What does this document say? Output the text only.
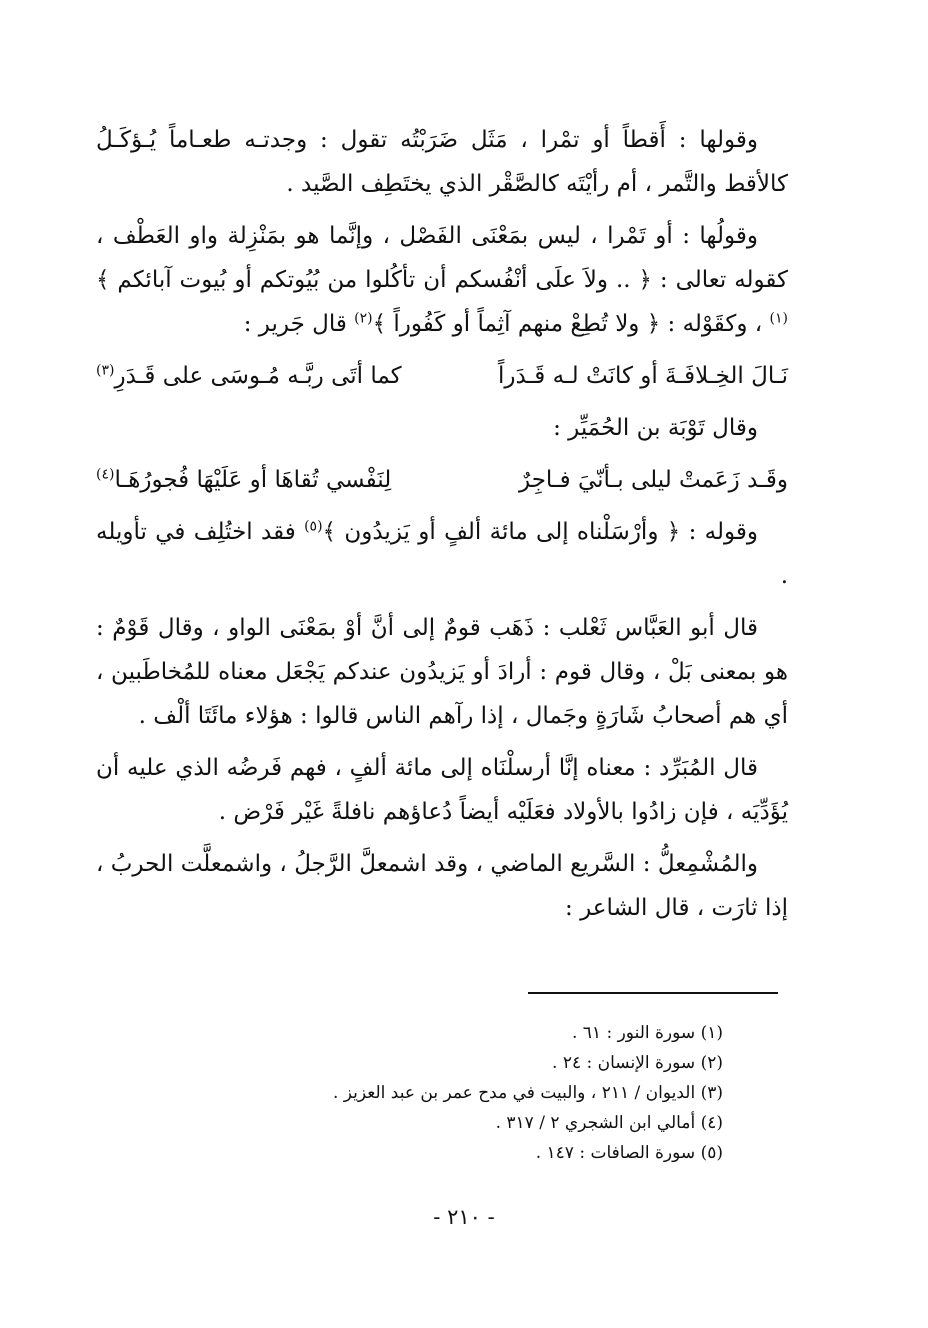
وقولها : أَقطاً أو تمْرا ، مَثَل ضَرَبْتُه تقول : وجدتـه طعـاماً يُـؤكَـلُ كالأقط والتَّمر ، أم رأيْتَه كالصَّقْر الذي يختَطِف الصَّيد .

وقولُها : أو تَمْرا ، ليس بمَعْنَى الفَصْل ، وإنَّما هو بمَنْزِلة واو العَطْف ، كقوله تعالى : ﴿ .. ولاَ علَى أنْفُسكم أن تأكُلوا من بُيُوتكم أو بُيوت آبائكم ﴾$^{(١)}$ ، وكقَوْله : ﴿ ولا تُطِعْ منهم آثِماً أو كَفُوراً ﴾$^{(٢)}$ قال جَرير :

نَـالَ الخِـلافَـةَ أو كانَتْ لـه قَـدَراً
كما أتَى ربَّـه مُـوسَى على قَـدَرِ$^{(٣)}$

وقال تَوْبَة بن الحُمَيِّر :

وقَـد زَعَمتْ ليلى بـأنّيَ فـاجِرٌ
لِنَفْسي تُقاهَا أو عَلَيْهَا فُجورُهَـا$^{(٤)}$

وقوله : ﴿ وأرْسَلْناه إلى مائة ألفٍ أو يَزيدُون ﴾$^{(٥)}$ فقد اختُلِف في تأويله .

قال أبو العَبَّاس ثَعْلب : ذَهَب قومٌ إلى أنَّ أوْ بمَعْنَى الواو ، وقال قَوْمٌ : هو بمعنى بَلْ ، وقال قوم : أرادَ أو يَزيدُون عندكم يَجْعَل معناه للمُخاطَبين ، أي هم أصحابُ شَارَةٍ وجَمال ، إذا رآهم الناس قالوا : هؤلاء مائَتَا ألْف .

قال المُبَرِّد : معناه إنَّا أرسلْنَاه إلى مائة ألفٍ ، فهم فَرضُه الذي عليه أن يُؤَدِّيَه ، فإن زادُوا بالأولاد فعَلَيْه أيضاً دُعاؤهم نافلةً غَيْر فَرْض .

والمُشْمِعلُّ : السَّريع الماضي ، وقد اشمعلَّ الرَّجلُ ، واشمعلَّت الحربُ ، إذا ثارَت ، قال الشاعر :

(١) سورة النور : ٦١ .

(٢) سورة الإنسان : ٢٤ .

(٣) الديوان / ٢١١ ، والبيت في مدح عمر بن عبد العزيز .

(٤) أمالي ابن الشجري ٢ / ٣١٧ .

(٥) سورة الصافات : ١٤٧ .

- ٢١٠ -
